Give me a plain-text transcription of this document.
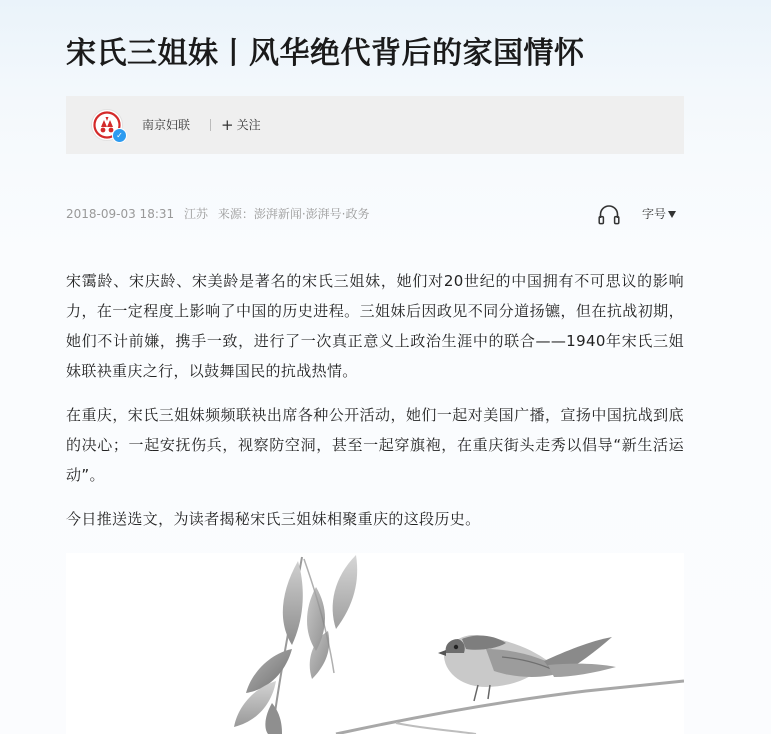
宋氏三姐妹丨风华绝代背后的家国情怀
✓
南京妇联 + 关注
2018-09-03 18:31 江苏 来源：澎湃新闻·澎湃号·政务	字号

宋霭龄、宋庆龄、宋美龄是著名的宋氏三姐妹，她们对20世纪的中国拥有不可思议的影响力，在一定程度上影响了中国的历史进程。三姐妹后因政见不同分道扬镳，但在抗战初期，她们不计前嫌，携手一致，进行了一次真正意义上政治生涯中的联合——1940年宋氏三姐妹联袂重庆之行，以鼓舞国民的抗战热情。

在重庆，宋氏三姐妹频频联袂出席各种公开活动，她们一起对美国广播，宣扬中国抗战到底的决心；一起安抚伤兵，视察防空洞，甚至一起穿旗袍，在重庆街头走秀以倡导“新生活运动”。

今日推送选文，为读者揭秘宋氏三姐妹相聚重庆的这段历史。
